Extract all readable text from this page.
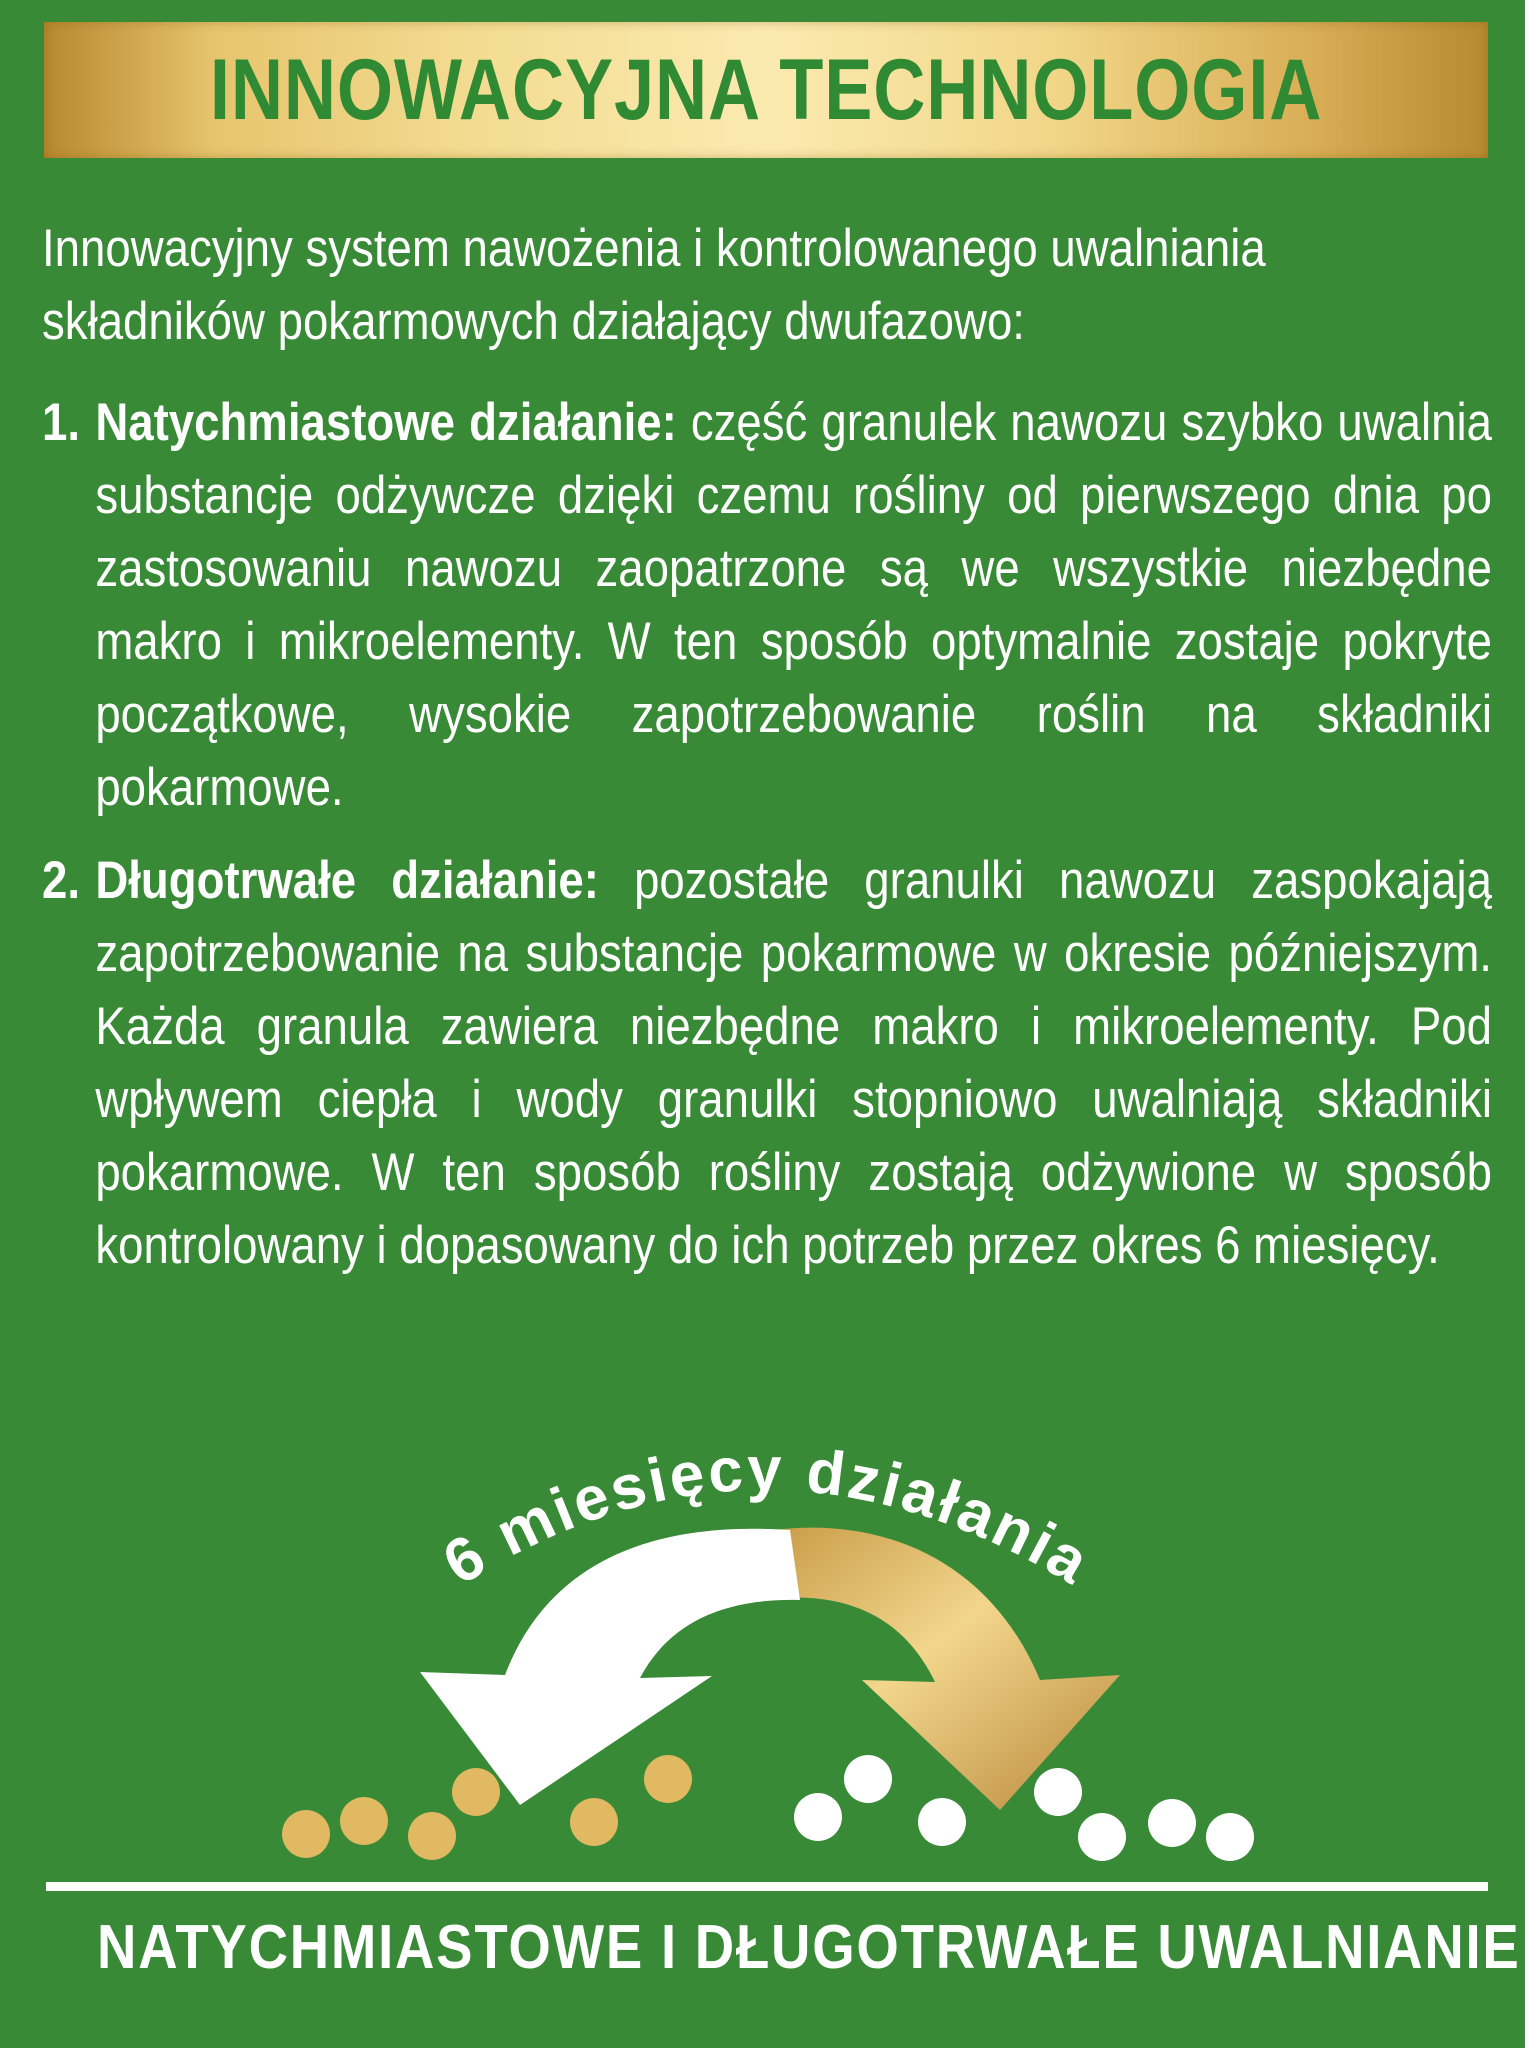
INNOWACYJNA TECHNOLOGIA

Innowacyjny system nawożenia i kontrolowanego uwalniania składników pokarmowych działający dwufazowo:

1. Natychmiastowe działanie: część granulek nawozu szybko uwalnia substancje odżywcze dzięki czemu rośliny od pierwszego dnia po zastosowaniu nawozu zaopatrzone są we wszystkie niezbędne makro i mikroelementy. W ten sposób optymalnie zostaje pokryte początkowe, wysokie zapotrzebowanie roślin na składniki pokarmowe.
2. Długotrwałe działanie: pozostałe granulki nawozu zaspokajają zapotrzebowanie na substancje pokarmowe w okresie późniejszym. Każda granula zawiera niezbędne makro i mikroelementy. Pod wpływem ciepła i wody granulki stopniowo uwalniają składniki pokarmowe. W ten sposób rośliny zostają odżywione w sposób kontrolowany i dopasowany do ich potrzeb przez okres 6 miesięcy.
6 miesięcy działania
NATYCHMIASTOWE I DŁUGOTRWAŁE UWALNIANIE
